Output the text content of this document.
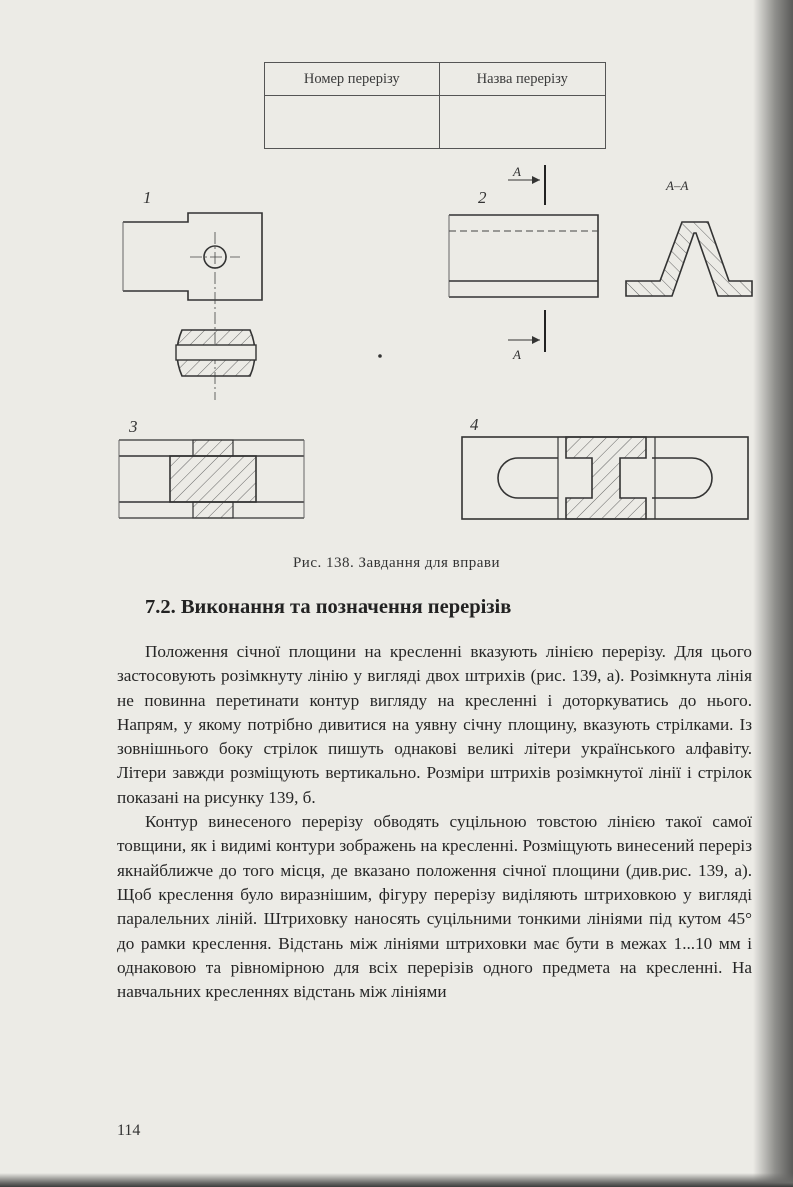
Номер перерізу	Назва перерізу

1	2
A
A
A–A
3	4
Рис. 138. Завдання для вправи
7.2. Виконання та позначення перерізів

Положення січної площини на кресленні вказують лінією перерізу. Для цього застосовують розімкнуту лінію у вигляді двох штрихів (рис. 139, а). Розімкнута лінія не повинна перетинати контур вигляду на кресленні і доторкуватись до нього. Напрям, у якому потрібно дивитися на уявну січну площину, вказують стрілками. Із зовнішнього боку стрілок пишуть однакові великі літери українського алфавіту. Літери завжди розміщують вертикально. Розміри штрихів розімкнутої лінії і стрілок показані на рисунку 139, б.

Контур винесеного перерізу обводять суцільною товстою лінією такої самої товщини, як і видимі контури зображень на кресленні. Розміщують винесений переріз якнайближче до того місця, де вказано положення січної площини (див.рис. 139, а). Щоб креслення було виразнішим, фігуру перерізу виділяють штриховкою у вигляді паралельних ліній. Штриховку наносять суцільними тонкими лініями під кутом 45° до рамки креслення. Відстань між лініями штриховки має бути в межах 1...10 мм і однаковою та рівномірною для всіх перерізів одного предмета на кресленні. На навчальних кресленнях відстань між лініями

114
